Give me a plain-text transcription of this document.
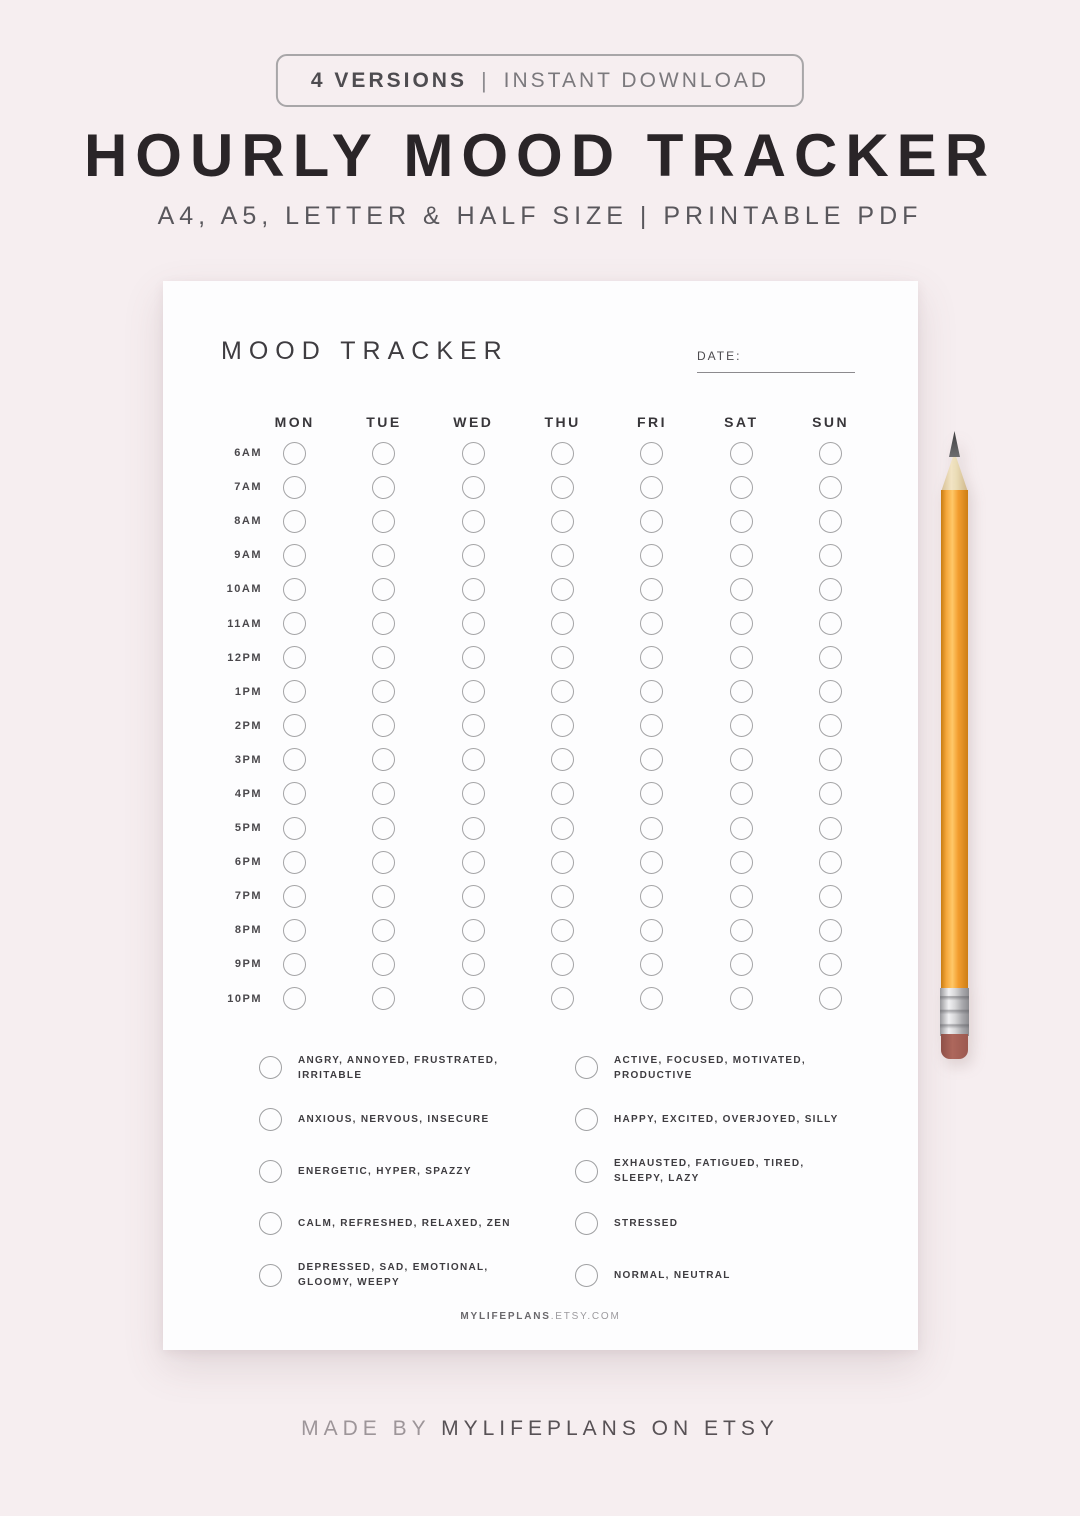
4 VERSIONS | INSTANT DOWNLOAD
HOURLY MOOD TRACKER
A4, A5, LETTER & HALF SIZE | PRINTABLE PDF
MOOD TRACKER	DATE:
MON	TUE	WED	THU	FRI	SAT	SUN
6AM
7AM
8AM
9AM
10AM
11AM
12PM
1PM
2PM
3PM
4PM
5PM
6PM
7PM
8PM
9PM
10PM
ANGRY, ANNOYED, FRUSTRATED, IRRITABLE
ANXIOUS, NERVOUS, INSECURE
ENERGETIC, HYPER, SPAZZY
CALM, REFRESHED, RELAXED, ZEN
DEPRESSED, SAD, EMOTIONAL, GLOOMY, WEEPY
ACTIVE, FOCUSED, MOTIVATED, PRODUCTIVE
HAPPY, EXCITED, OVERJOYED, SILLY
EXHAUSTED, FATIGUED, TIRED, SLEEPY, LAZY
STRESSED
NORMAL, NEUTRAL
MYLIFEPLANS.ETSY.COM
MADE BY MYLIFEPLANS ON ETSY
